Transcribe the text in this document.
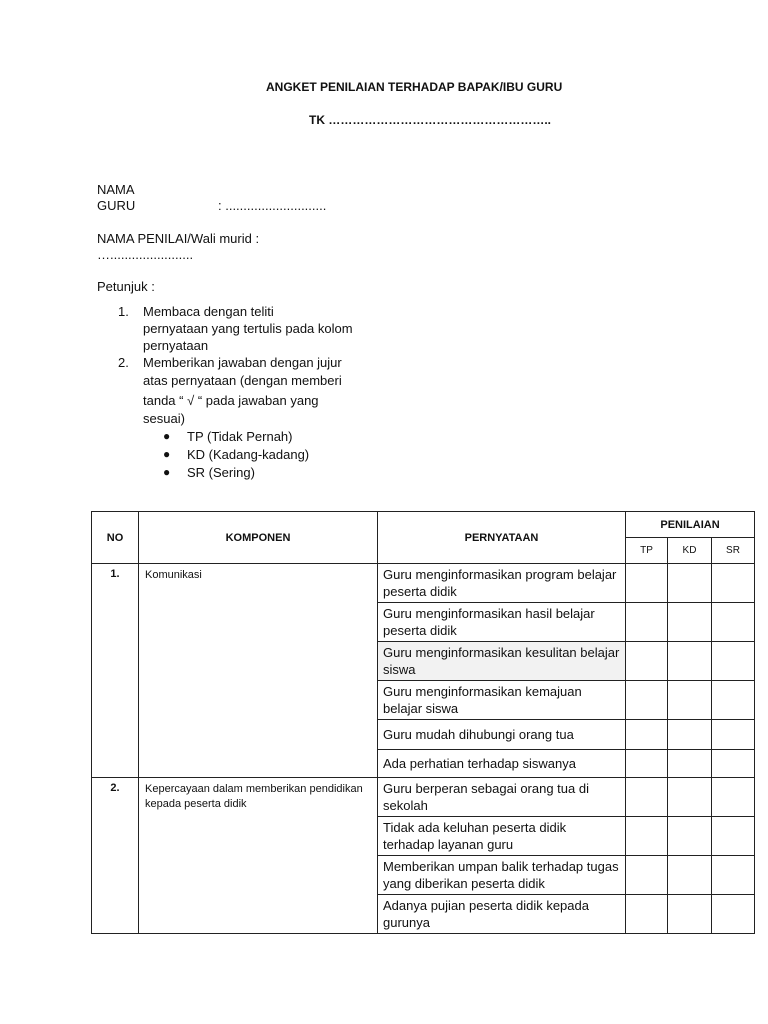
ANGKET PENILAIAN TERHADAP BAPAK/IBU GURU
TK ………………………………………………..
NAMA
GURU	: ............................
NAMA PENILAI/Wali murid :
….......................
Petunjuk :
1. Membaca dengan teliti
pernyataan yang tertulis pada kolom
pernyataan
2. Memberikan jawaban dengan jujur
atas pernyataan (dengan memberi
tanda “ √ “ pada jawaban yang
sesuai)
● TP (Tidak Pernah)
● KD (Kadang-kadang)
● SR (Sering)
NO	KOMPONEN	PERNYATAAN	PENILAIAN		
			TP	KD	SR
1.	Komunikasi	Guru menginformasikan program belajar peserta didik			
		Guru menginformasikan hasil belajar peserta didik			
		Guru menginformasikan kesulitan belajar siswa			
		Guru menginformasikan kemajuan belajar siswa			
		Guru mudah dihubungi orang tua			
		Ada perhatian terhadap siswanya			
2.	Kepercayaan dalam memberikan pendidikan kepada peserta didik	Guru berperan sebagai orang tua di sekolah			
		Tidak ada keluhan peserta didik terhadap layanan guru			
		Memberikan umpan balik terhadap tugas yang diberikan peserta didik			
		Adanya pujian peserta didik kepada gurunya			
